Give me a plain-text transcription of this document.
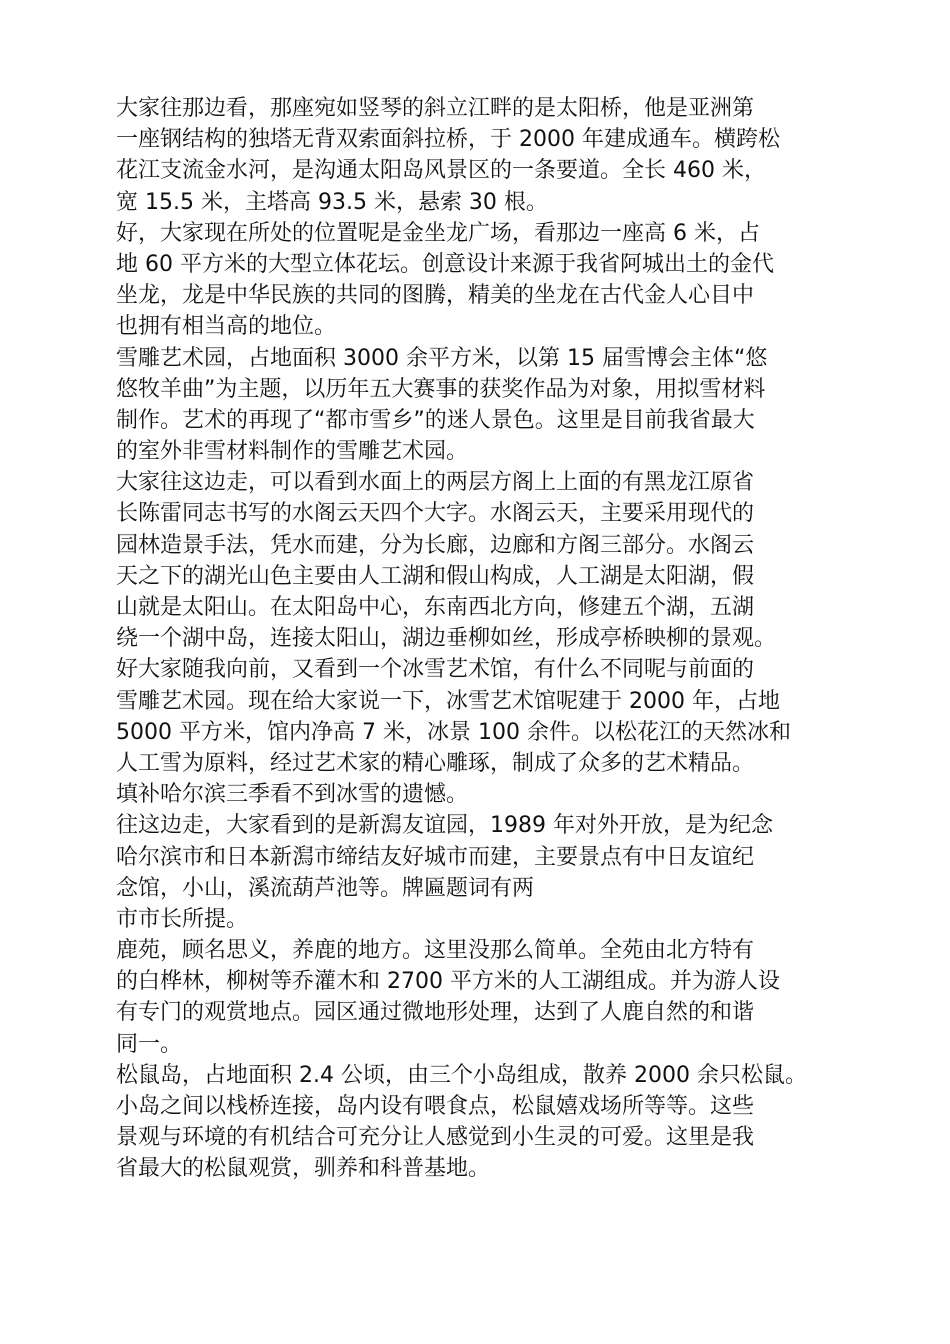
大家往那边看，那座宛如竖琴的斜立江畔的是太阳桥，他是亚洲第
一座钢结构的独塔无背双索面斜拉桥，于 2000 年建成通车。横跨松
花江支流金水河，是沟通太阳岛风景区的一条要道。全长 460 米，
宽 15.5 米，主塔高 93.5 米，悬索 30 根。
好，大家现在所处的位置呢是金坐龙广场，看那边一座高 6 米，占
地 60 平方米的大型立体花坛。创意设计来源于我省阿城出土的金代
坐龙，龙是中华民族的共同的图腾，精美的坐龙在古代金人心目中
也拥有相当高的地位。
雪雕艺术园，占地面积 3000 余平方米，以第 15 届雪博会主体“悠
悠牧羊曲”为主题，以历年五大赛事的获奖作品为对象，用拟雪材料
制作。艺术的再现了“都市雪乡”的迷人景色。这里是目前我省最大
的室外非雪材料制作的雪雕艺术园。
大家往这边走，可以看到水面上的两层方阁上上面的有黑龙江原省
长陈雷同志书写的水阁云天四个大字。水阁云天，主要采用现代的
园林造景手法，凭水而建，分为长廊，边廊和方阁三部分。水阁云
天之下的湖光山色主要由人工湖和假山构成，人工湖是太阳湖，假
山就是太阳山。在太阳岛中心，东南西北方向，修建五个湖，五湖
绕一个湖中岛，连接太阳山，湖边垂柳如丝，形成亭桥映柳的景观。
好大家随我向前，又看到一个冰雪艺术馆，有什么不同呢与前面的
雪雕艺术园。现在给大家说一下，冰雪艺术馆呢建于 2000 年，占地
5000 平方米，馆内净高 7 米，冰景 100 余件。以松花江的天然冰和
人工雪为原料，经过艺术家的精心雕琢，制成了众多的艺术精品。
填补哈尔滨三季看不到冰雪的遗憾。
往这边走，大家看到的是新澙友谊园，1989 年对外开放，是为纪念
哈尔滨市和日本新澙市缔结友好城市而建，主要景点有中日友谊纪
念馆，小山，溪流葫芦池等。牌匾题词有两
市市长所提。
鹿苑，顾名思义，养鹿的地方。这里没那么简单。全苑由北方特有
的白桦林，柳树等乔灌木和 2700 平方米的人工湖组成。并为游人设
有专门的观赏地点。园区通过微地形处理，达到了人鹿自然的和谐
同一。
松鼠岛，占地面积 2.4 公顷，由三个小岛组成，散养 2000 余只松鼠。
小岛之间以栈桥连接，岛内设有喂食点，松鼠嬉戏场所等等。这些
景观与环境的有机结合可充分让人感觉到小生灵的可爱。这里是我
省最大的松鼠观赏，驯养和科普基地。
